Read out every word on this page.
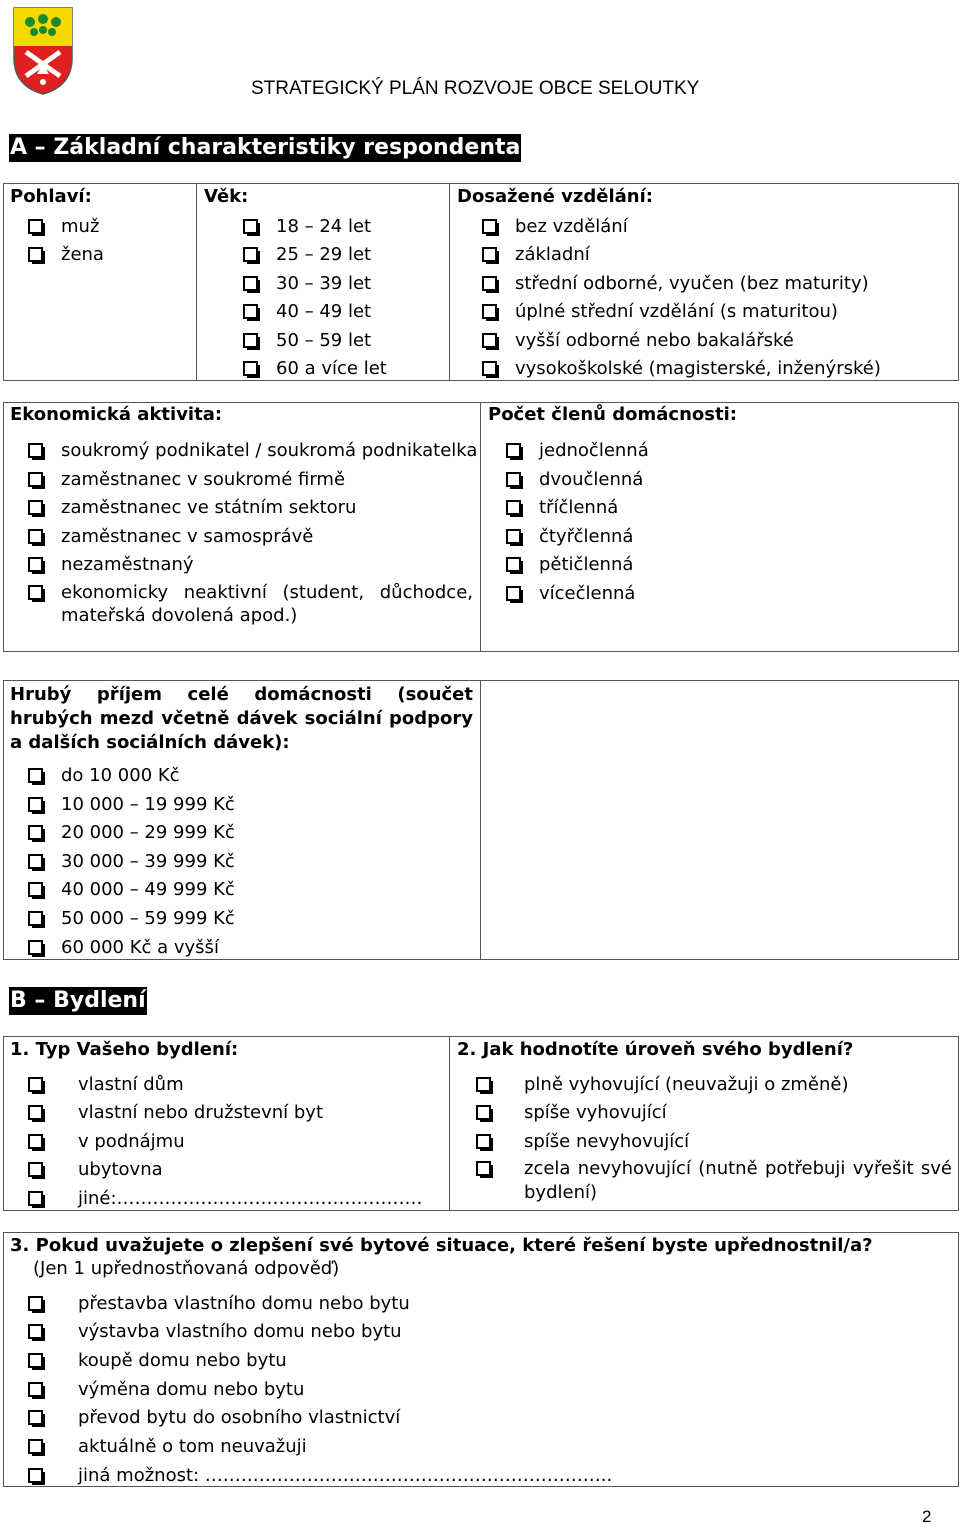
STRATEGICKÝ PLÁN ROZVOJE OBCE SELOUTKY
A – Základní charakteristiky respondenta
Pohlaví:
muž
žena
Věk:
18 – 24 let
25 – 29 let
30 – 39 let
40 – 49 let
50 – 59 let
60 a více let
Dosažené vzdělání:
bez vzdělání
základní
střední odborné, vyučen (bez maturity)
úplné střední vzdělání (s maturitou)
vyšší odborné nebo bakalářské
vysokoškolské (magisterské, inženýrské)
Ekonomická aktivita:
soukromý podnikatel / soukromá podnikatelka
zaměstnanec v soukromé firmě
zaměstnanec ve státním sektoru
zaměstnanec v samosprávě
nezaměstnaný
ekonomicky neaktivní (student, důchodce, mateřská dovolená apod.)
Počet členů domácnosti:
jednočlenná
dvoučlenná
tříčlenná
čtyřčlenná
pětičlenná
vícečlenná
Hrubý příjem celé domácnosti (součet hrubých mezd včetně dávek sociální podpory a dalších sociálních dávek):
do 10 000 Kč
10 000 – 19 999 Kč
20 000 – 29 999 Kč
30 000 – 39 999 Kč
40 000 – 49 999 Kč
50 000 – 59 999 Kč
60 000 Kč a vyšší
B – Bydlení
1. Typ Vašeho bydlení:
vlastní dům
vlastní nebo družstevní byt
v podnájmu
ubytovna
jiné:……………………………………………
2. Jak hodnotíte úroveň svého bydlení?
plně vyhovující (neuvažuji o změně)
spíše vyhovující
spíše nevyhovující
zcela nevyhovující (nutně potřebuji vyřešit své bydlení)
3. Pokud uvažujete o zlepšení své bytové situace, které řešení byste upřednostnil/a?
(Jen 1 upřednostňovaná odpověď)
přestavba vlastního domu nebo bytu
výstavba vlastního domu nebo bytu
koupě domu nebo bytu
výměna domu nebo bytu
převod bytu do osobního vlastnictví
aktuálně o tom neuvažuji
jiná možnost: …………………………………………………………..
2
